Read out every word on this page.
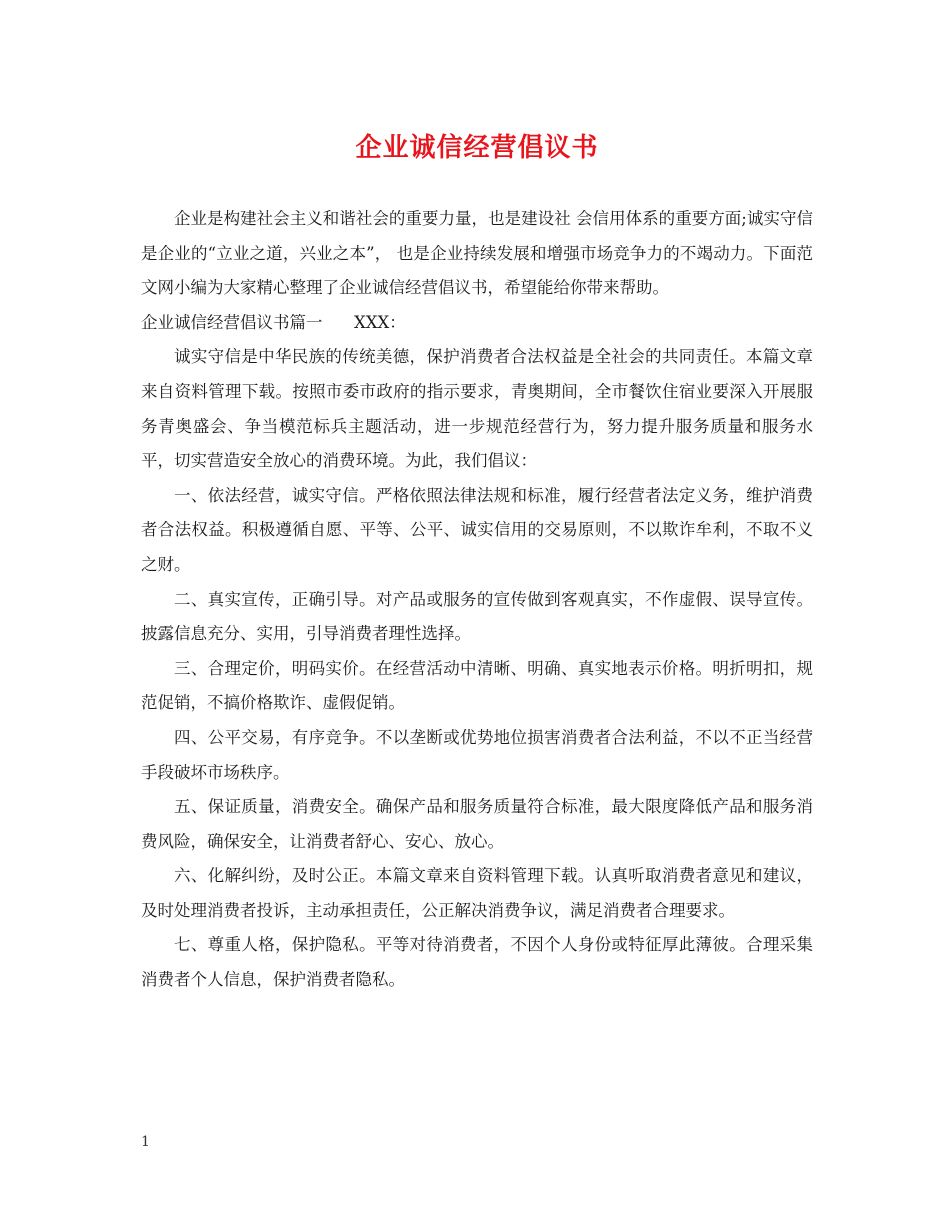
企业诚信经营倡议书

企业是构建社会主义和谐社会的重要力量，也是建设社 会信用体系的重要方面;诚实守信是企业的“立业之道，兴业之本”， 也是企业持续发展和增强市场竞争力的不竭动力。下面范文网小编为大家精心整理了企业诚信经营倡议书，希望能给你带来帮助。

企业诚信经营倡议书篇一      XXX：

诚实守信是中华民族的传统美德，保护消费者合法权益是全社会的共同责任。本篇文章来自资料管理下载。按照市委市政府的指示要求，青奥期间，全市餐饮住宿业要深入开展服务青奥盛会、争当模范标兵主题活动，进一步规范经营行为，努力提升服务质量和服务水平，切实营造安全放心的消费环境。为此，我们倡议：

一、依法经营，诚实守信。严格依照法律法规和标准，履行经营者法定义务，维护消费者合法权益。积极遵循自愿、平等、公平、诚实信用的交易原则，不以欺诈牟利，不取不义之财。

二、真实宣传，正确引导。对产品或服务的宣传做到客观真实，不作虚假、误导宣传。披露信息充分、实用，引导消费者理性选择。

三、合理定价，明码实价。在经营活动中清晰、明确、真实地表示价格。明折明扣，规范促销，不搞价格欺诈、虚假促销。

四、公平交易，有序竞争。不以垄断或优势地位损害消费者合法利益，不以不正当经营手段破坏市场秩序。

五、保证质量，消费安全。确保产品和服务质量符合标准，最大限度降低产品和服务消费风险，确保安全，让消费者舒心、安心、放心。

六、化解纠纷，及时公正。本篇文章来自资料管理下载。认真听取消费者意见和建议，及时处理消费者投诉，主动承担责任，公正解决消费争议，满足消费者合理要求。

七、尊重人格，保护隐私。平等对待消费者，不因个人身份或特征厚此薄彼。合理采集消费者个人信息，保护消费者隐私。

1
